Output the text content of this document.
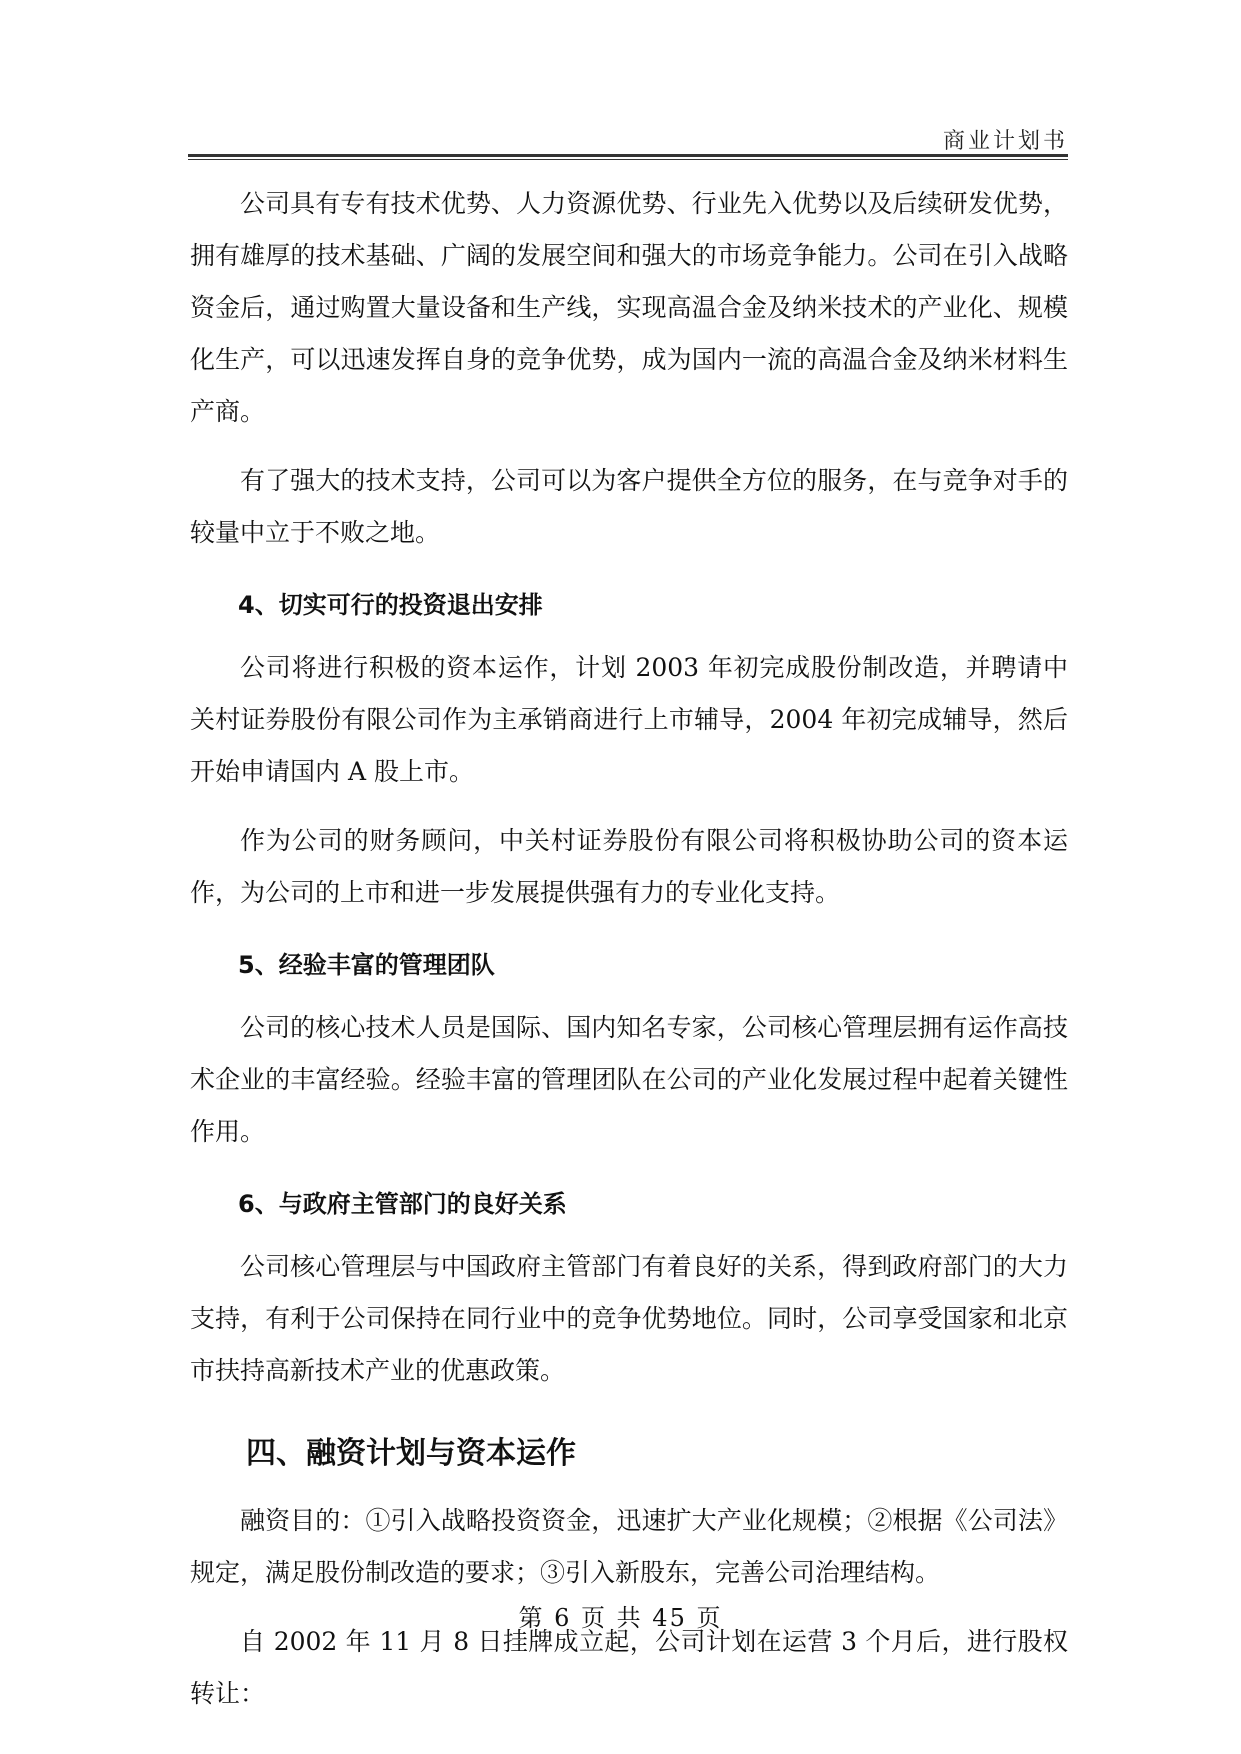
商业计划书

公司具有专有技术优势、人力资源优势、行业先入优势以及后续研发优势，拥有雄厚的技术基础、广阔的发展空间和强大的市场竞争能力。公司在引入战略资金后，通过购置大量设备和生产线，实现高温合金及纳米技术的产业化、规模化生产，可以迅速发挥自身的竞争优势，成为国内一流的高温合金及纳米材料生产商。

有了强大的技术支持，公司可以为客户提供全方位的服务，在与竞争对手的较量中立于不败之地。

4、切实可行的投资退出安排

公司将进行积极的资本运作，计划 2003 年初完成股份制改造，并聘请中关村证券股份有限公司作为主承销商进行上市辅导，2004 年初完成辅导，然后开始申请国内 A 股上市。

作为公司的财务顾问，中关村证券股份有限公司将积极协助公司的资本运作，为公司的上市和进一步发展提供强有力的专业化支持。

5、经验丰富的管理团队

公司的核心技术人员是国际、国内知名专家，公司核心管理层拥有运作高技术企业的丰富经验。经验丰富的管理团队在公司的产业化发展过程中起着关键性作用。

6、与政府主管部门的良好关系

公司核心管理层与中国政府主管部门有着良好的关系，得到政府部门的大力支持，有利于公司保持在同行业中的竞争优势地位。同时，公司享受国家和北京市扶持高新技术产业的优惠政策。

四、融资计划与资本运作

融资目的：①引入战略投资资金，迅速扩大产业化规模；②根据《公司法》规定，满足股份制改造的要求；③引入新股东，完善公司治理结构。

自 2002 年 11 月 8 日挂牌成立起，公司计划在运营 3 个月后，进行股权转让：

第 6 页 共 45 页
